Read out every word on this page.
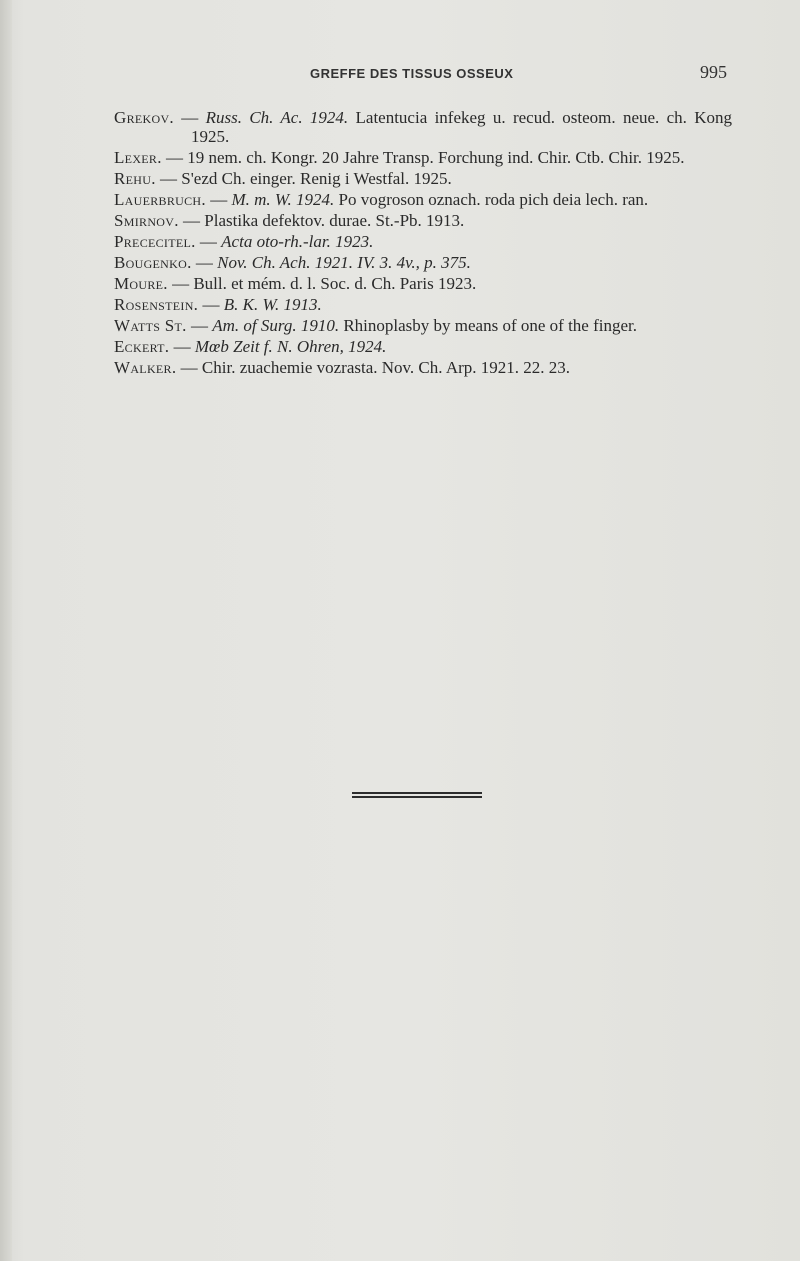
GREFFE DES TISSUS OSSEUX	995

Grekov. — Russ. Ch. Ac. 1924. Latentucia infekeg u. recud. osteom. neue. ch. Kong 1925.

Lexer. — 19 nem. ch. Kongr. 20 Jahre Transp. Forchung ind. Chir. Ctb. Chir. 1925.

Rehu. — S'ezd Ch. einger. Renig i Westfal. 1925.

Lauerbruch. — M. m. W. 1924. Po vogroson oznach. roda pich deia lech. ran.

Smirnov. — Plastika defektov. durae. St.-Pb. 1913.

Prececitel. — Acta oto-rh.-lar. 1923.

Bougenko. — Nov. Ch. Ach. 1921. IV. 3. 4v., p. 375.

Moure. — Bull. et mém. d. l. Soc. d. Ch. Paris 1923.

Rosenstein. — B. K. W. 1913.

Watts St. — Am. of Surg. 1910. Rhinoplasby by means of one of the finger.

Eckert. — Mœb Zeit f. N. Ohren, 1924.

Walker. — Chir. zuachemie vozrasta. Nov. Ch. Arp. 1921. 22. 23.
